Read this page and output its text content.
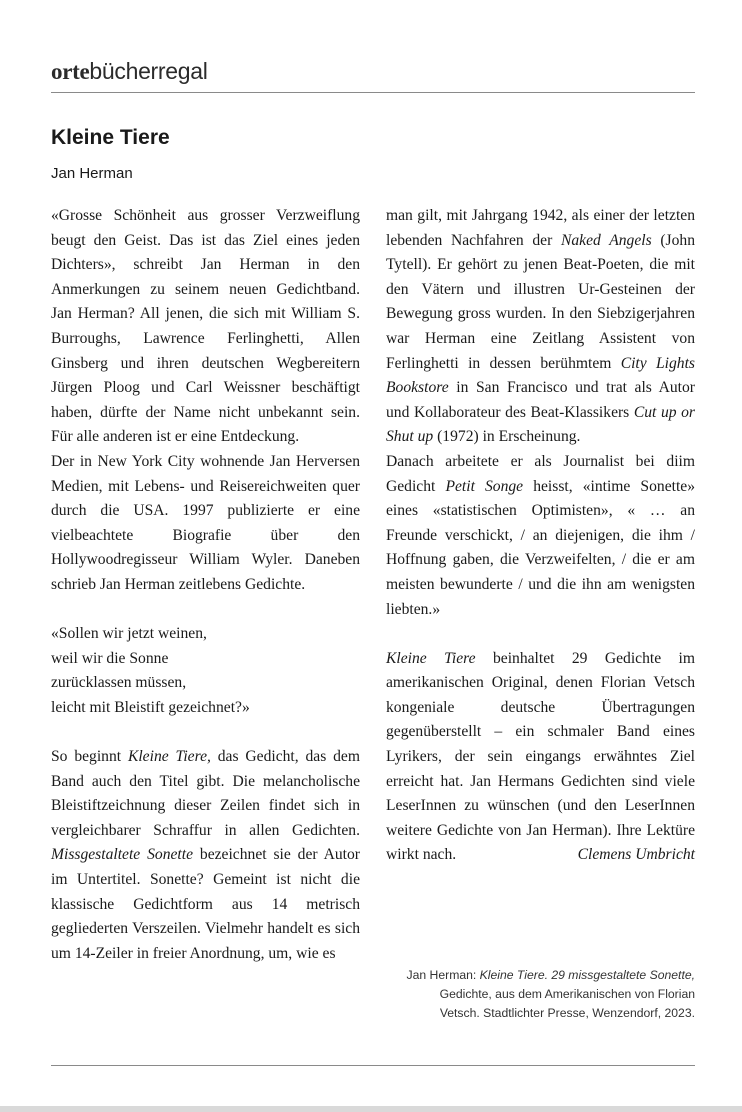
ortebücherregal
Kleine Tiere
Jan Herman

«Grosse Schönheit aus grosser Verzweiflung beugt den Geist. Das ist das Ziel eines jeden Dichters», schreibt Jan Herman in den Anmerkungen zu seinem neuen Gedichtband. Jan Herman? All jenen, die sich mit William S. Burroughs, Lawrence Ferlinghetti, Allen Ginsberg und ihren deutschen Wegbereitern Jürgen Ploog und Carl Weissner beschäftigt haben, dürfte der Name nicht unbekannt sein. Für alle anderen ist er eine Entdeckung.

Der in New York City wohnende Jan Herversen Medien, mit Lebens- und Reisereichweiten quer durch die USA. 1997 publizierte er eine vielbeachtete Biografie über den Hollywoodregisseur William Wyler. Daneben schrieb Jan Herman zeitlebens Gedichte.

«Sollen wir jetzt weinen,
weil wir die Sonne
zurücklassen müssen,
leicht mit Bleistift gezeichnet?»

So beginnt Kleine Tiere, das Gedicht, das dem Band auch den Titel gibt. Die melancholische Bleistiftzeichnung dieser Zeilen findet sich in vergleichbarer Schraffur in allen Gedichten. Missgestaltete Sonette bezeichnet sie der Autor im Untertitel. Sonette? Gemeint ist nicht die klassische Gedichtform aus 14 metrisch gegliederten Verszeilen. Vielmehr handelt es sich um 14-Zeiler in freier Anordnung, um, wie es

man gilt, mit Jahrgang 1942, als einer der letzten lebenden Nachfahren der Naked Angels (John Tytell). Er gehört zu jenen Beat-Poeten, die mit den Vätern und illustren Ur-Gesteinen der Bewegung gross wurden. In den Siebzigerjahren war Herman eine Zeitlang Assistent von Ferlinghetti in dessen berühmtem City Lights Bookstore in San Francisco und trat als Autor und Kollaborateur des Beat-Klassikers Cut up or Shut up (1972) in Erscheinung.

Danach arbeitete er als Journalist bei diim Gedicht Petit Songe heisst, «intime Sonette» eines «statistischen Optimisten», « … an Freunde verschickt, / an diejenigen, die ihm / Hoffnung gaben, die Verzweifelten, / die er am meisten bewunderte / und die ihn am wenigsten liebten.»

Kleine Tiere beinhaltet 29 Gedichte im amerikanischen Original, denen Florian Vetsch kongeniale deutsche Übertragungen gegenüberstellt – ein schmaler Band eines Lyrikers, der sein eingangs erwähntes Ziel erreicht hat. Jan Hermans Gedichten sind viele LeserInnen zu wünschen (und den LeserInnen weitere Gedichte von Jan Herman). Ihre Lektüre wirkt nach.	Clemens Umbricht

Jan Herman: Kleine Tiere. 29 missgestaltete Sonette, Gedichte, aus dem Amerikanischen von Florian Vetsch. Stadtlichter Presse, Wenzendorf, 2023.
